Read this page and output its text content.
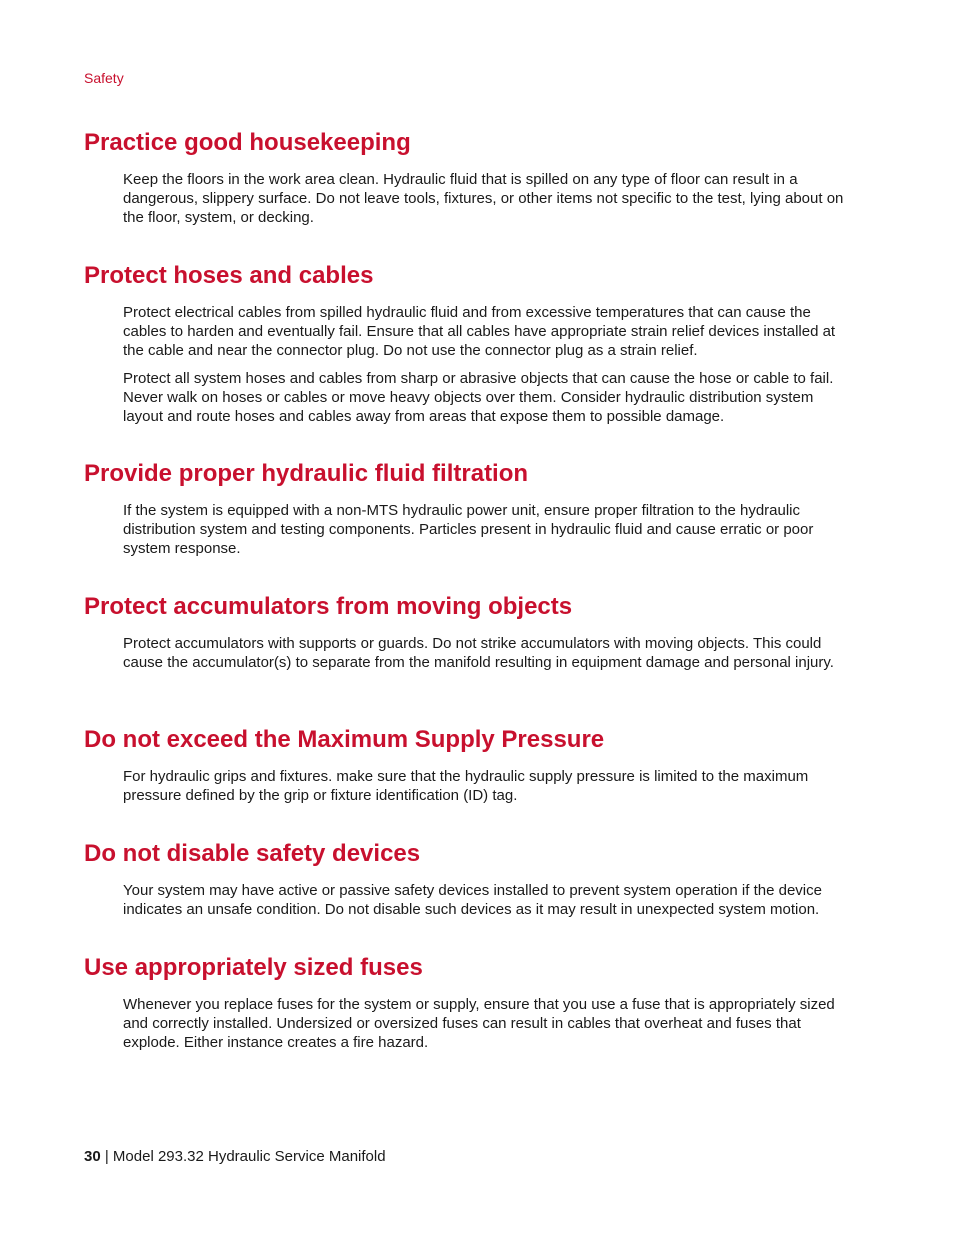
Safety
Practice good housekeeping

Keep the floors in the work area clean. Hydraulic fluid that is spilled on any type of floor can result in a dangerous, slippery surface. Do not leave tools, fixtures, or other items not specific to the test, lying about on the floor, system, or decking.

Protect hoses and cables

Protect electrical cables from spilled hydraulic fluid and from excessive temperatures that can cause the cables to harden and eventually fail. Ensure that all cables have appropriate strain relief devices installed at the cable and near the connector plug. Do not use the connector plug as a strain relief.

Protect all system hoses and cables from sharp or abrasive objects that can cause the hose or cable to fail. Never walk on hoses or cables or move heavy objects over them. Consider hydraulic distribution system layout and route hoses and cables away from areas that expose them to possible damage.

Provide proper hydraulic fluid filtration

If the system is equipped with a non-MTS hydraulic power unit, ensure proper filtration to the hydraulic distribution system and testing components. Particles present in hydraulic fluid and cause erratic or poor system response.

Protect accumulators from moving objects

Protect accumulators with supports or guards. Do not strike accumulators with moving objects. This could cause the accumulator(s) to separate from the manifold resulting in equipment damage and personal injury.

Do not exceed the Maximum Supply Pressure

For hydraulic grips and fixtures. make sure that the hydraulic supply pressure is limited to the maximum pressure defined by the grip or fixture identification (ID) tag.

Do not disable safety devices

Your system may have active or passive safety devices installed to prevent system operation if the device indicates an unsafe condition. Do not disable such devices as it may result in unexpected system motion.

Use appropriately sized fuses

Whenever you replace fuses for the system or supply, ensure that you use a fuse that is appropriately sized and correctly installed. Undersized or oversized fuses can result in cables that overheat and fuses that explode. Either instance creates a fire hazard.

30 | Model 293.32 Hydraulic Service Manifold
